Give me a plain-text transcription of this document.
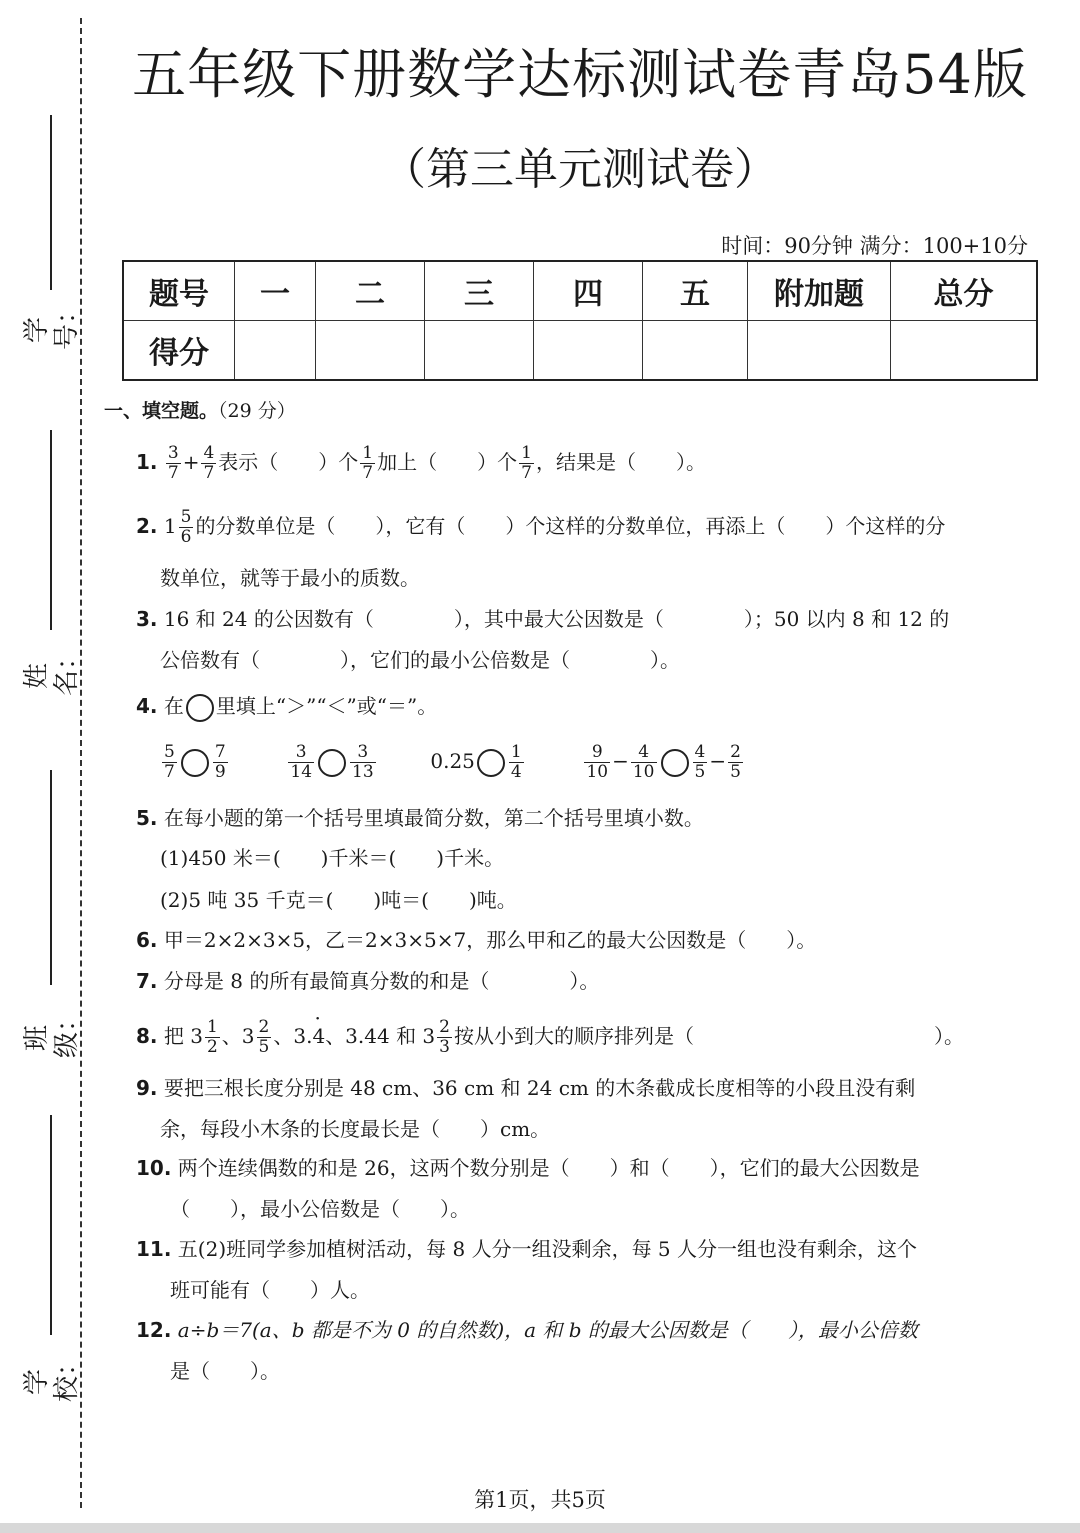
学号：
姓名：
班级：
学校：
五年级下册数学达标测试卷青岛54版
（第三单元测试卷）
时间：90分钟 满分：100+10分
题号	一	二	三	四	五	附加题	总分
得分							
一、填空题。（29 分）
1. $\frac{3}{7} + \frac{4}{7}$ 表示（　　）个 $\frac{1}{7}$ 加上（　　）个 $\frac{1}{7}$ ，结果是（　　）。
2. $1 \frac{5}{6}$ 的分数单位是（　　），它有（　　）个这样的分数单位，再添上（　　）个这样的分
数单位，就等于最小的质数。
3. 16 和 24 的公因数有（　　　　），其中最大公因数是（　　　　）；50 以内 8 和 12 的
公倍数有（　　　　），它们的最小公倍数是（　　　　）。
4. 在 里填上“＞”“＜”或“＝”。
$\frac{5}{7} \frac{7}{9}$
	$\frac{3}{14} \frac{3}{13}$	$0.25 \frac{1}{4}$
	$\frac{9}{10} - \frac{4}{10} \frac{4}{5} - \frac{2}{5}$
5. 在每小题的第一个括号里填最简分数，第二个括号里填小数。
(1)450 米＝(　　)千米＝(　　)千米。
(2)5 吨 35 千克＝(　　)吨＝(　　)吨。
6. 甲＝2×2×3×5，乙＝2×3×5×7，那么甲和乙的最大公因数是（　　）。
7. 分母是 8 的所有最简真分数的和是（　　　　）。
8. 把 $3 \frac{1}{2}$ 、$3 \frac{2}{5}$ 、3.· 4、3.44 和 $3 \frac{2}{3}$ 按从小到大的顺序排列是（　　　　　　　　　　　　）。
9. 要把三根长度分别是 48 cm、36 cm 和 24 cm 的木条截成长度相等的小段且没有剩
余，每段小木条的长度最长是（　　）cm。
10. 两个连续偶数的和是 26，这两个数分别是（　　）和（　　），它们的最大公因数是
（　　），最小公倍数是（　　）。
11. 五(2)班同学参加植树活动，每 8 人分一组没剩余，每 5 人分一组也没有剩余，这个
班可能有（　　）人。
12. a÷b＝7(a、b 都是不为 0 的自然数)，a 和 b 的最大公因数是（　　），最小公倍数
是（　　）。
第1页，共5页
